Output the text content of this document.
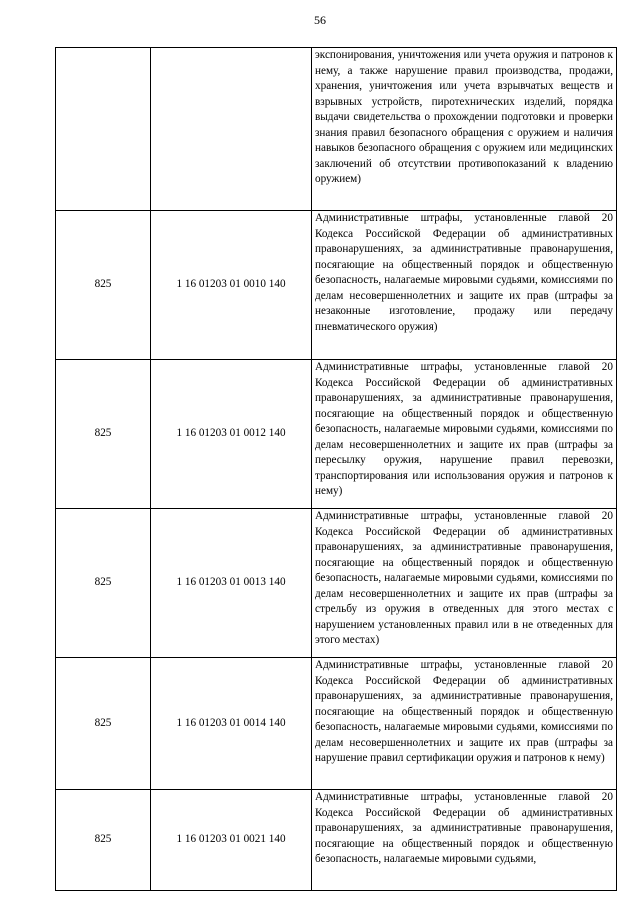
56
		экспонирования, уничтожения или учета оружия и патронов к нему, а также нарушение правил производства, продажи, хранения, уничтожения или учета взрывчатых веществ и взрывных устройств, пиротехнических изделий, порядка выдачи свидетельства о прохождении подготовки и проверки знания правил безопасного обращения с оружием и наличия навыков безопасного обращения с оружием или медицинских заключений об отсутствии противопоказаний к владению оружием)
825	1 16 01203 01 0010 140	Административные штрафы, установленные главой 20 Кодекса Российской Федерации об административных правонарушениях, за административные правонарушения, посягающие на общественный порядок и общественную безопасность, налагаемые мировыми судьями, комиссиями по делам несовершеннолетних и защите их прав (штрафы за незаконные изготовление, продажу или передачу пневматического оружия)
825	1 16 01203 01 0012 140	Административные штрафы, установленные главой 20 Кодекса Российской Федерации об административных правонарушениях, за административные правонарушения, посягающие на общественный порядок и общественную безопасность, налагаемые мировыми судьями, комиссиями по делам несовершеннолетних и защите их прав (штрафы за пересылку оружия, нарушение правил перевозки, транспортирования или использования оружия и патронов к нему)
825	1 16 01203 01 0013 140	Административные штрафы, установленные главой 20 Кодекса Российской Федерации об административных правонарушениях, за административные правонарушения, посягающие на общественный порядок и общественную безопасность, налагаемые мировыми судьями, комиссиями по делам несовершеннолетних и защите их прав (штрафы за стрельбу из оружия в отведенных для этого местах с нарушением установленных правил или в не отведенных для этого местах)
825	1 16 01203 01 0014 140	Административные штрафы, установленные главой 20 Кодекса Российской Федерации об административных правонарушениях, за административные правонарушения, посягающие на общественный порядок и общественную безопасность, налагаемые мировыми судьями, комиссиями по делам несовершеннолетних и защите их прав (штрафы за нарушение правил сертификации оружия и патронов к нему)
825	1 16 01203 01 0021 140	Административные штрафы, установленные главой 20 Кодекса Российской Федерации об административных правонарушениях, за административные правонарушения, посягающие на общественный порядок и общественную безопасность, налагаемые мировыми судьями,
